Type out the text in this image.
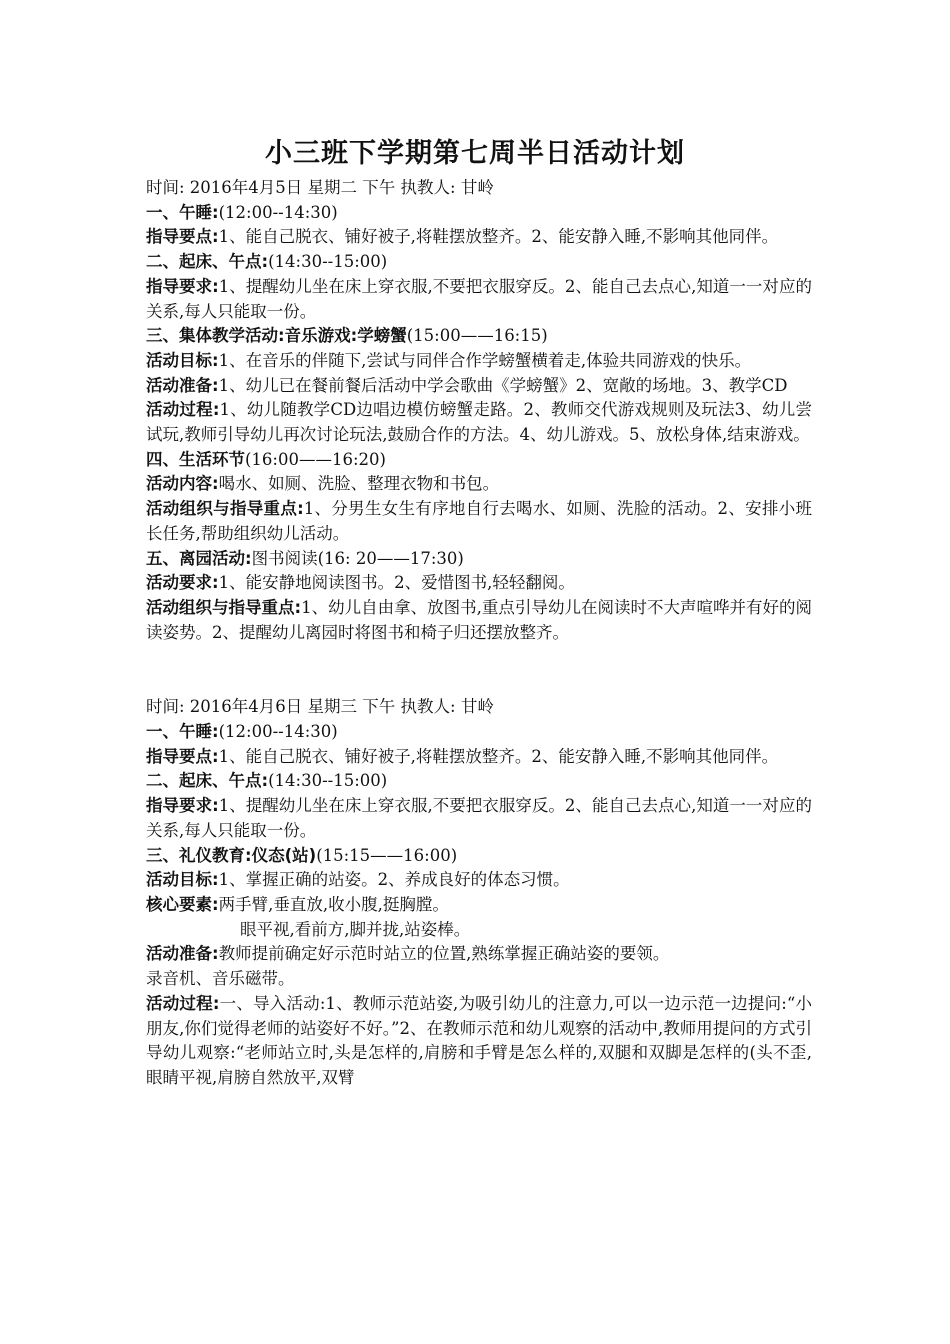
小三班下学期第七周半日活动计划

时间: 2016年4月5日 星期二 下午 执教人: 甘岭

一、午睡:(12:00--14:30)

指导要点:1、能自己脱衣、铺好被子,将鞋摆放整齐。2、能安静入睡,不影响其他同伴。

二、起床、午点:(14:30--15:00)

指导要求:1、提醒幼儿坐在床上穿衣服,不要把衣服穿反。2、能自己去点心,知道一一对应的关系,每人只能取一份。

三、集体教学活动:音乐游戏:学螃蟹(15:00——16:15)

活动目标:1、在音乐的伴随下,尝试与同伴合作学螃蟹横着走,体验共同游戏的快乐。

活动准备:1、幼儿已在餐前餐后活动中学会歌曲《学螃蟹》2、宽敞的场地。3、教学CD

活动过程:1、幼儿随教学CD边唱边模仿螃蟹走路。2、教师交代游戏规则及玩法3、幼儿尝试玩,教师引导幼儿再次讨论玩法,鼓励合作的方法。4、幼儿游戏。5、放松身体,结束游戏。

四、生活环节(16:00——16:20)

活动内容:喝水、如厕、洗脸、整理衣物和书包。

活动组织与指导重点:1、分男生女生有序地自行去喝水、如厕、洗脸的活动。2、安排小班长任务,帮助组织幼儿活动。

五、离园活动:图书阅读(16: 20——17:30)

活动要求:1、能安静地阅读图书。2、爱惜图书,轻轻翻阅。

活动组织与指导重点:1、幼儿自由拿、放图书,重点引导幼儿在阅读时不大声喧哗并有好的阅读姿势。2、提醒幼儿离园时将图书和椅子归还摆放整齐。

时间: 2016年4月6日 星期三 下午 执教人: 甘岭

一、午睡:(12:00--14:30)

指导要点:1、能自己脱衣、铺好被子,将鞋摆放整齐。2、能安静入睡,不影响其他同伴。

二、起床、午点:(14:30--15:00)

指导要求:1、提醒幼儿坐在床上穿衣服,不要把衣服穿反。2、能自己去点心,知道一一对应的关系,每人只能取一份。

三、礼仪教育:仪态(站)(15:15——16:00)

活动目标:1、掌握正确的站姿。2、养成良好的体态习惯。

核心要素:两手臂,垂直放,收小腹,挺胸膛。

眼平视,看前方,脚并拢,站姿棒。

活动准备:教师提前确定好示范时站立的位置,熟练掌握正确站姿的要领。

录音机、音乐磁带。

活动过程:一、导入活动:1、教师示范站姿,为吸引幼儿的注意力,可以一边示范一边提问:“小朋友,你们觉得老师的站姿好不好。”2、在教师示范和幼儿观察的活动中,教师用提问的方式引导幼儿观察:“老师站立时,头是怎样的,肩膀和手臂是怎么样的,双腿和双脚是怎样的(头不歪,眼睛平视,肩膀自然放平,双臂
